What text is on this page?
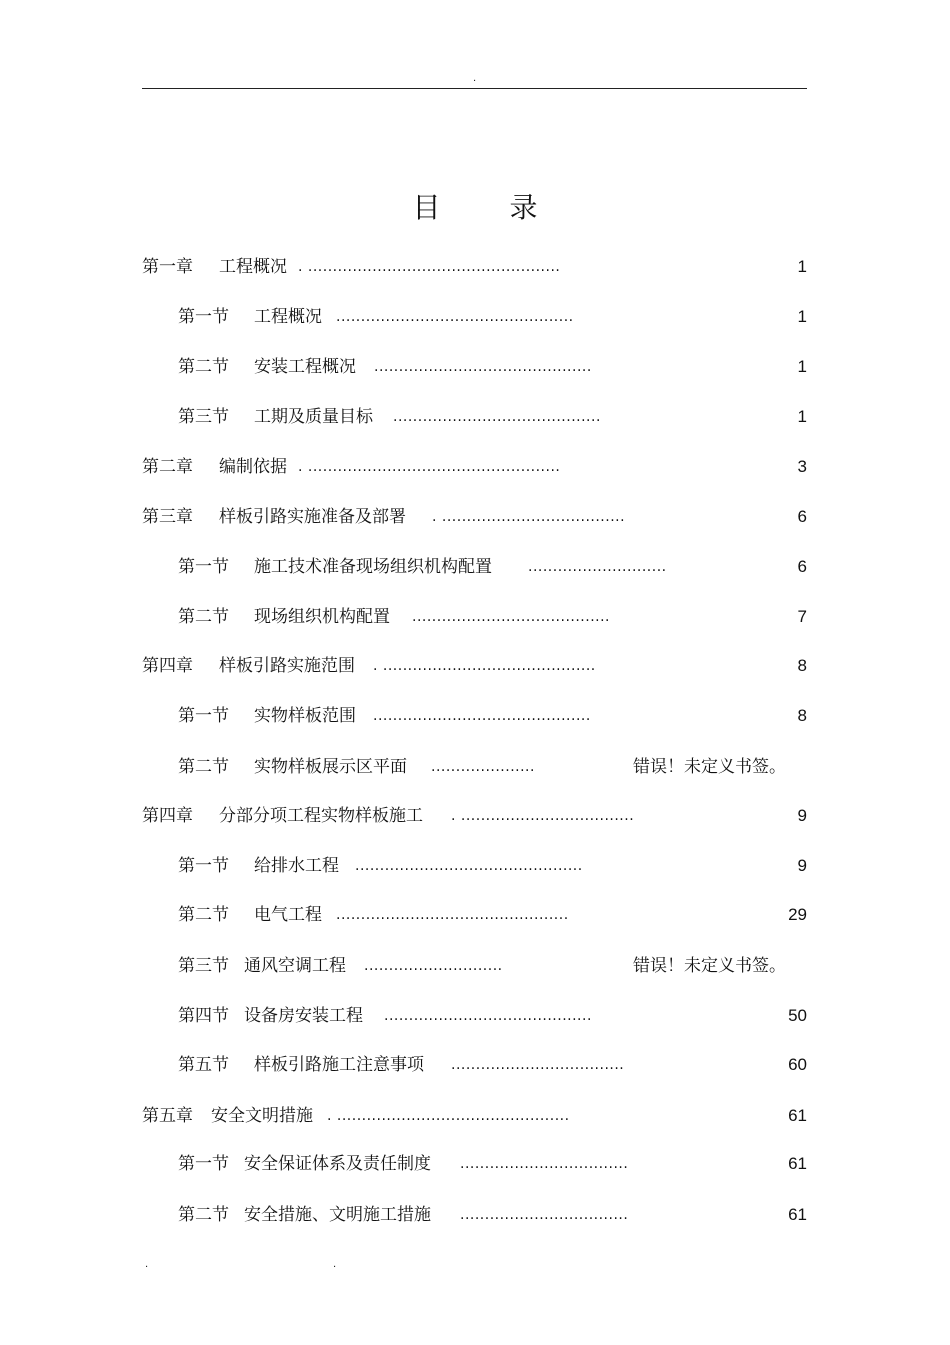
.
目 录
第一章 工程概况 . ...................................................	1
第一节 工程概况 ................................................	1
第二节 安装工程概况 ............................................	1
第三节 工期及质量目标 ..........................................	1
第二章 编制依据 . ...................................................	3
第三章 样板引路实施准备及部署 . .....................................	6
第一节 施工技术准备现场组织机构配置	............................	6
第二节 现场组织机构配置 ........................................	7
第四章 样板引路实施范围 . ...........................................	8
第一节 实物样板范围 ............................................	8
第二节 实物样板展示区平面 .....................	错误！未定义书签。
第四章 分部分项工程实物样板施工 . ...................................	9
第一节 给排水工程 ..............................................	9
第二节 电气工程 ...............................................	29
第三节 通风空调工程 ............................	错误！未定义书签。
第四节 设备房安装工程 ..........................................	50
第五节 样板引路施工注意事项 ...................................	60
第五章 安全文明措施 . ...............................................	61
第一节 安全保证体系及责任制度 ..................................	61
第二节 安全措施、文明施工措施 ..................................	61
.	.
